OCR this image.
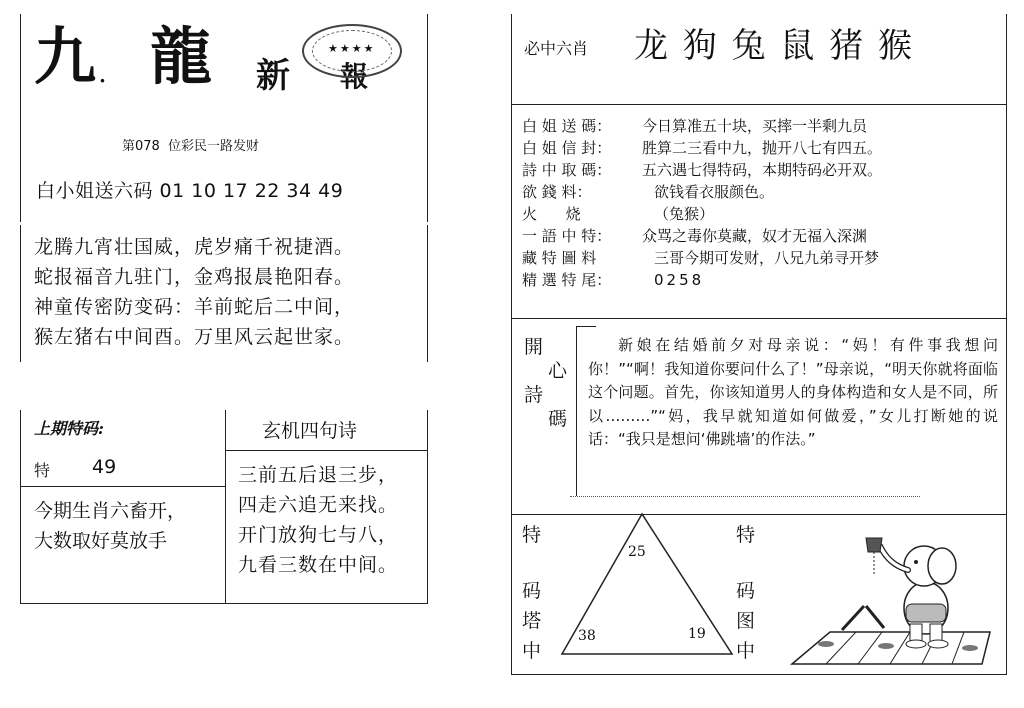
九 . 龍 新 報
★★★★
第078 位彩民一路发财
白小姐送六码 01 10 17 22 34 49
龙腾九宵壮国威，虎岁痛千祝捷酒。
蛇报福音九驻门，金鸡报晨艳阳春。
神童传密防变码：羊前蛇后二中间，
猴左猪右中间酉。万里风云起世家。
上期特码:
特 49
今期生肖六畜开，
大数取好莫放手
玄机四句诗
三前五后退三步，
四走六追无来找。
开门放狗七与八，
九看三数在中间。
必中六肖 龙 狗 兔 鼠 猪 猴
白 姐 送 碼： 今日算准五十块，买摔一半剩九员
白 姐 信 封： 胜算二三看中九，抛开八七有四五。
詩 中 取 碼： 五六遇七得特码，本期特码必开双。
欲 錢 料：	欲钱看衣服颜色。
火      烧	（兔猴）
一 語 中 特： 众骂之毒你莫藏，奴才无福入深渊
藏 特 圖 料	三哥今期可发财，八兄九弟寻开梦
精 選 特 尾：	0258
開
心
詩
碼
新娘在结婚前夕对母亲说：“妈！有件事我想问你！”“啊！我知道你要问什么了！”母亲说，“明天你就将面临这个问题。首先，你该知道男人的身体构造和女人是不同，所以………”“妈，我早就知道如何做爱，”女儿打断她的说话：“我只是想问‘佛跳墙’的作法。”
特
码
塔
中
特
码
图
中
25
38	19
